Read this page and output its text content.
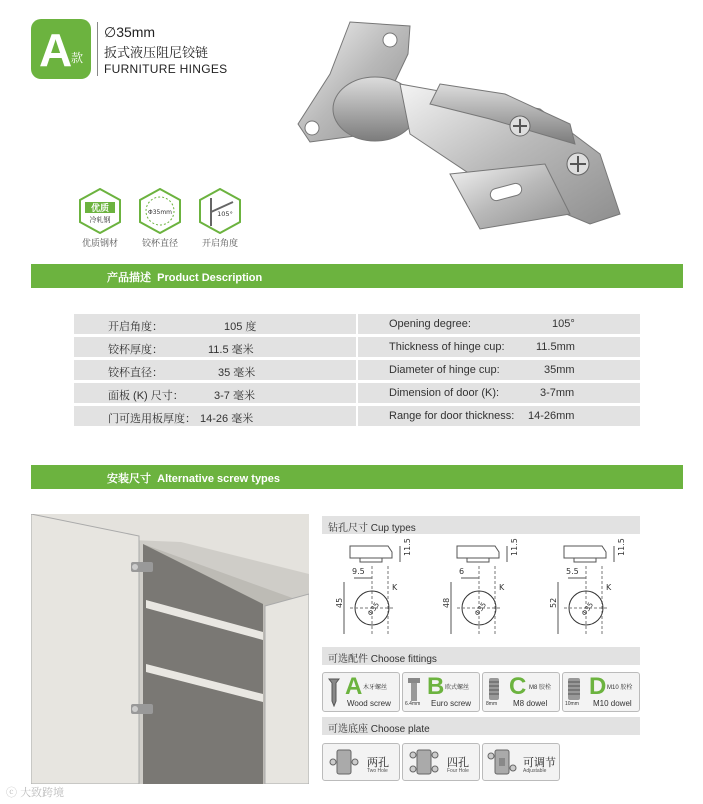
A
款
∅35mm
扳式液压阻尼铰链
FURNITURE HINGES
优质
冷轧钢
优质钢材
Φ35mm
铰杯直径
105°
开启角度
产品描述 Product Description
开启角度：	105 度	Opening degree:	105°
铰杯厚度：	11.5 毫米	Thickness of hinge cup:	11.5mm
铰杯直径：	35 毫米	Diameter of hinge cup:	35mm
面板 (K) 尺寸：	3-7 毫米	Dimension of door (K):	3-7mm
门可选用板厚度： 14-26 毫米	Range for door thickness: 14-26mm
安装尺寸 Alternative screw types
钻孔尺寸 Cup types
11.5
9.5
Φ35
K
45
11.5
6
Φ35
K
48
11.5
5.5
Φ35
K
52
可选配件 Choose fittings
A 木牙螺丝
Wood screw	6.4mm
B 欧式螺丝
Euro screw	8mm
C M8 胶栓
M8 dowel	10mm
D M10 胶栓
M10 dowel
可选底座 Choose plate
两孔
Two Hole
四孔
Four Hole
可调节
Adjustable
ⓒ 大致跨境
